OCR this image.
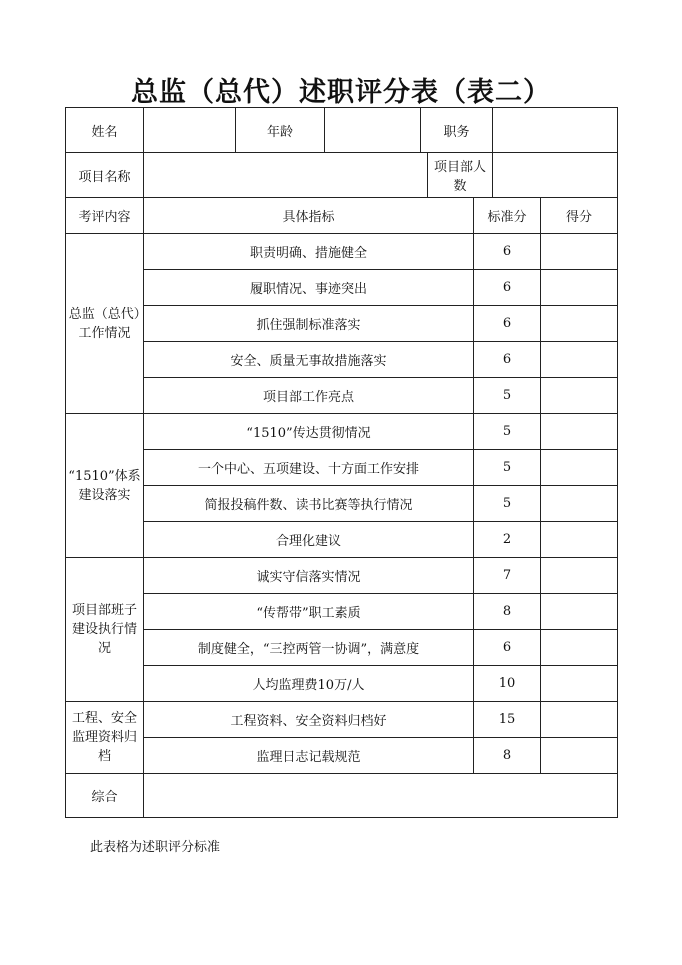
总监（总代）述职评分表（表二）
姓名		年龄		职务				
项目名称					项目部人数			
考评内容	具体指标					标准分		得分
总监（总代）工作情况	职责明确、措施健全					6		
	履职情况、事迹突出					6		
	抓住强制标准落实					6		
	安全、质量无事故措施落实					6		
	项目部工作亮点					5		
“1510”体系建设落实	“1510”传达贯彻情况					5		
	一个中心、五项建设、十方面工作安排					5		
	简报投稿件数、读书比赛等执行情况					5		
	合理化建议					2		
项目部班子建设执行情况	诚实守信落实情况					7		
	“传帮带”职工素质					8		
	制度健全，“三控两管一协调”，满意度					6		
	人均监理费10万/人					10		
工程、安全监理资料归档	工程资料、安全资料归档好					15		
	监理日志记载规范					8		
综合								
此表格为述职评分标准
